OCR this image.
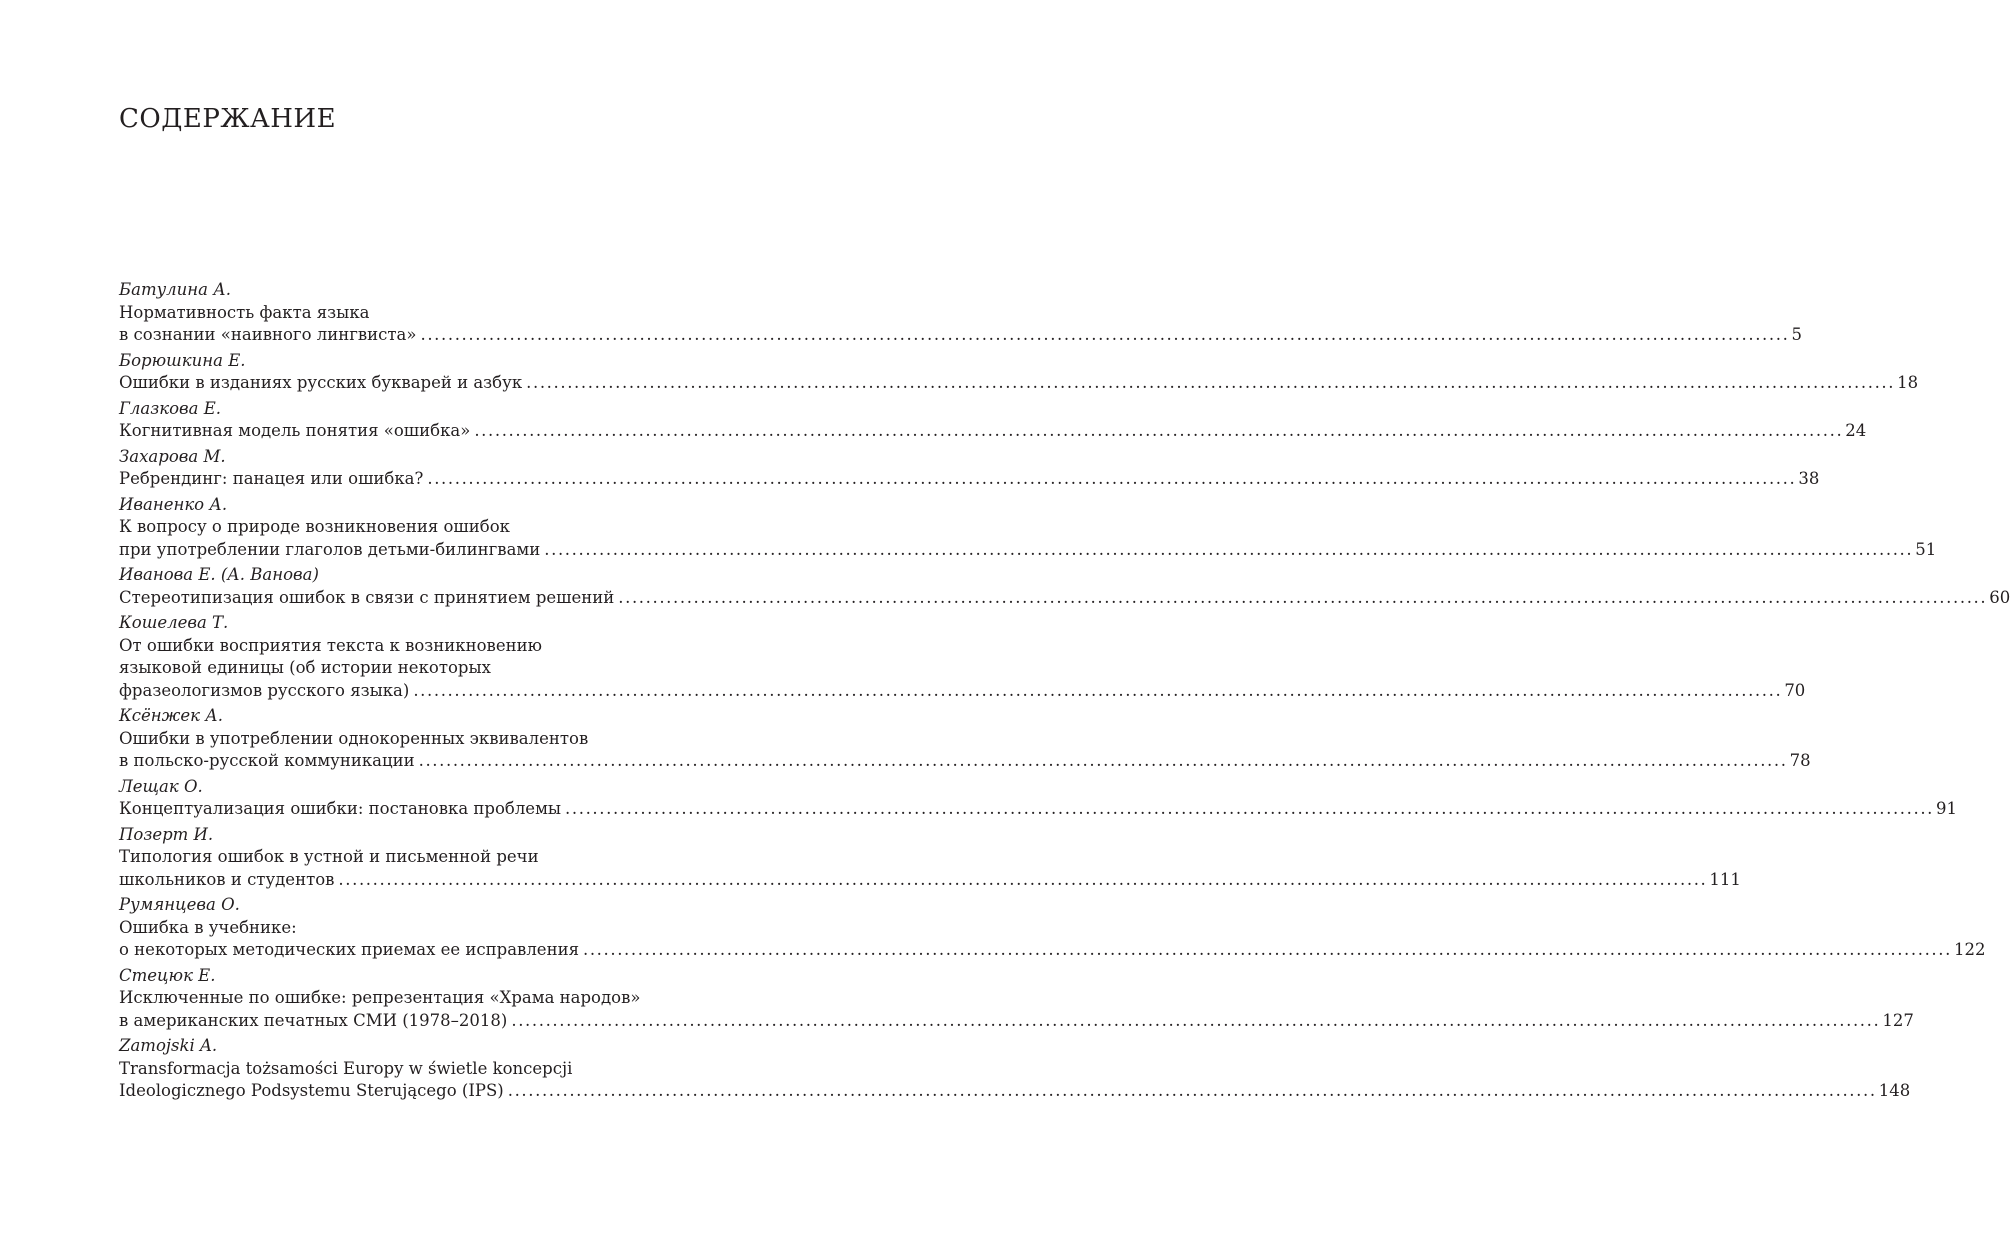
СОДЕРЖАНИЕ
Батулина А.
Нормативность факта языка
в сознании «наивного лингвиста» ........................................................................................................................................................................................................ 5
Борюшкина Е.
Ошибки в изданиях русских букварей и азбук ........................................................................................................................................................................................................ 18
Глазкова Е.
Когнитивная модель понятия «ошибка» ........................................................................................................................................................................................................ 24
Захарова М.
Ребрендинг: панацея или ошибка? ........................................................................................................................................................................................................ 38
Иваненко А.
К вопросу о природе возникновения ошибок
при употреблении глаголов детьми-билингвами ........................................................................................................................................................................................................ 51
Иванова Е. (А. Ванова)
Стереотипизация ошибок в связи с принятием решений ........................................................................................................................................................................................................ 60
Кошелева Т.
От ошибки восприятия текста к возникновению
языковой единицы (об истории некоторых
фразеологизмов русского языка) ........................................................................................................................................................................................................ 70
Ксёнжек А.
Ошибки в употреблении однокоренных эквивалентов
в польско-русской коммуникации ........................................................................................................................................................................................................ 78
Лещак О.
Концептуализация ошибки: постановка проблемы ........................................................................................................................................................................................................ 91
Позерт И.
Типология ошибок в устной и письменной речи
школьников и студентов ........................................................................................................................................................................................................ 111
Румянцева О.
Ошибка в учебнике:
о некоторых методических приемах ее исправления ........................................................................................................................................................................................................ 122
Стецюк Е.
Исключенные по ошибке: репрезентация «Храма народов»
в американских печатных СМИ (1978–2018) ........................................................................................................................................................................................................ 127
Zamojski A.
Transformacja tożsamości Europy w świetle koncepcji
Ideologicznego Podsystemu Sterującego (IPS) ........................................................................................................................................................................................................ 148
